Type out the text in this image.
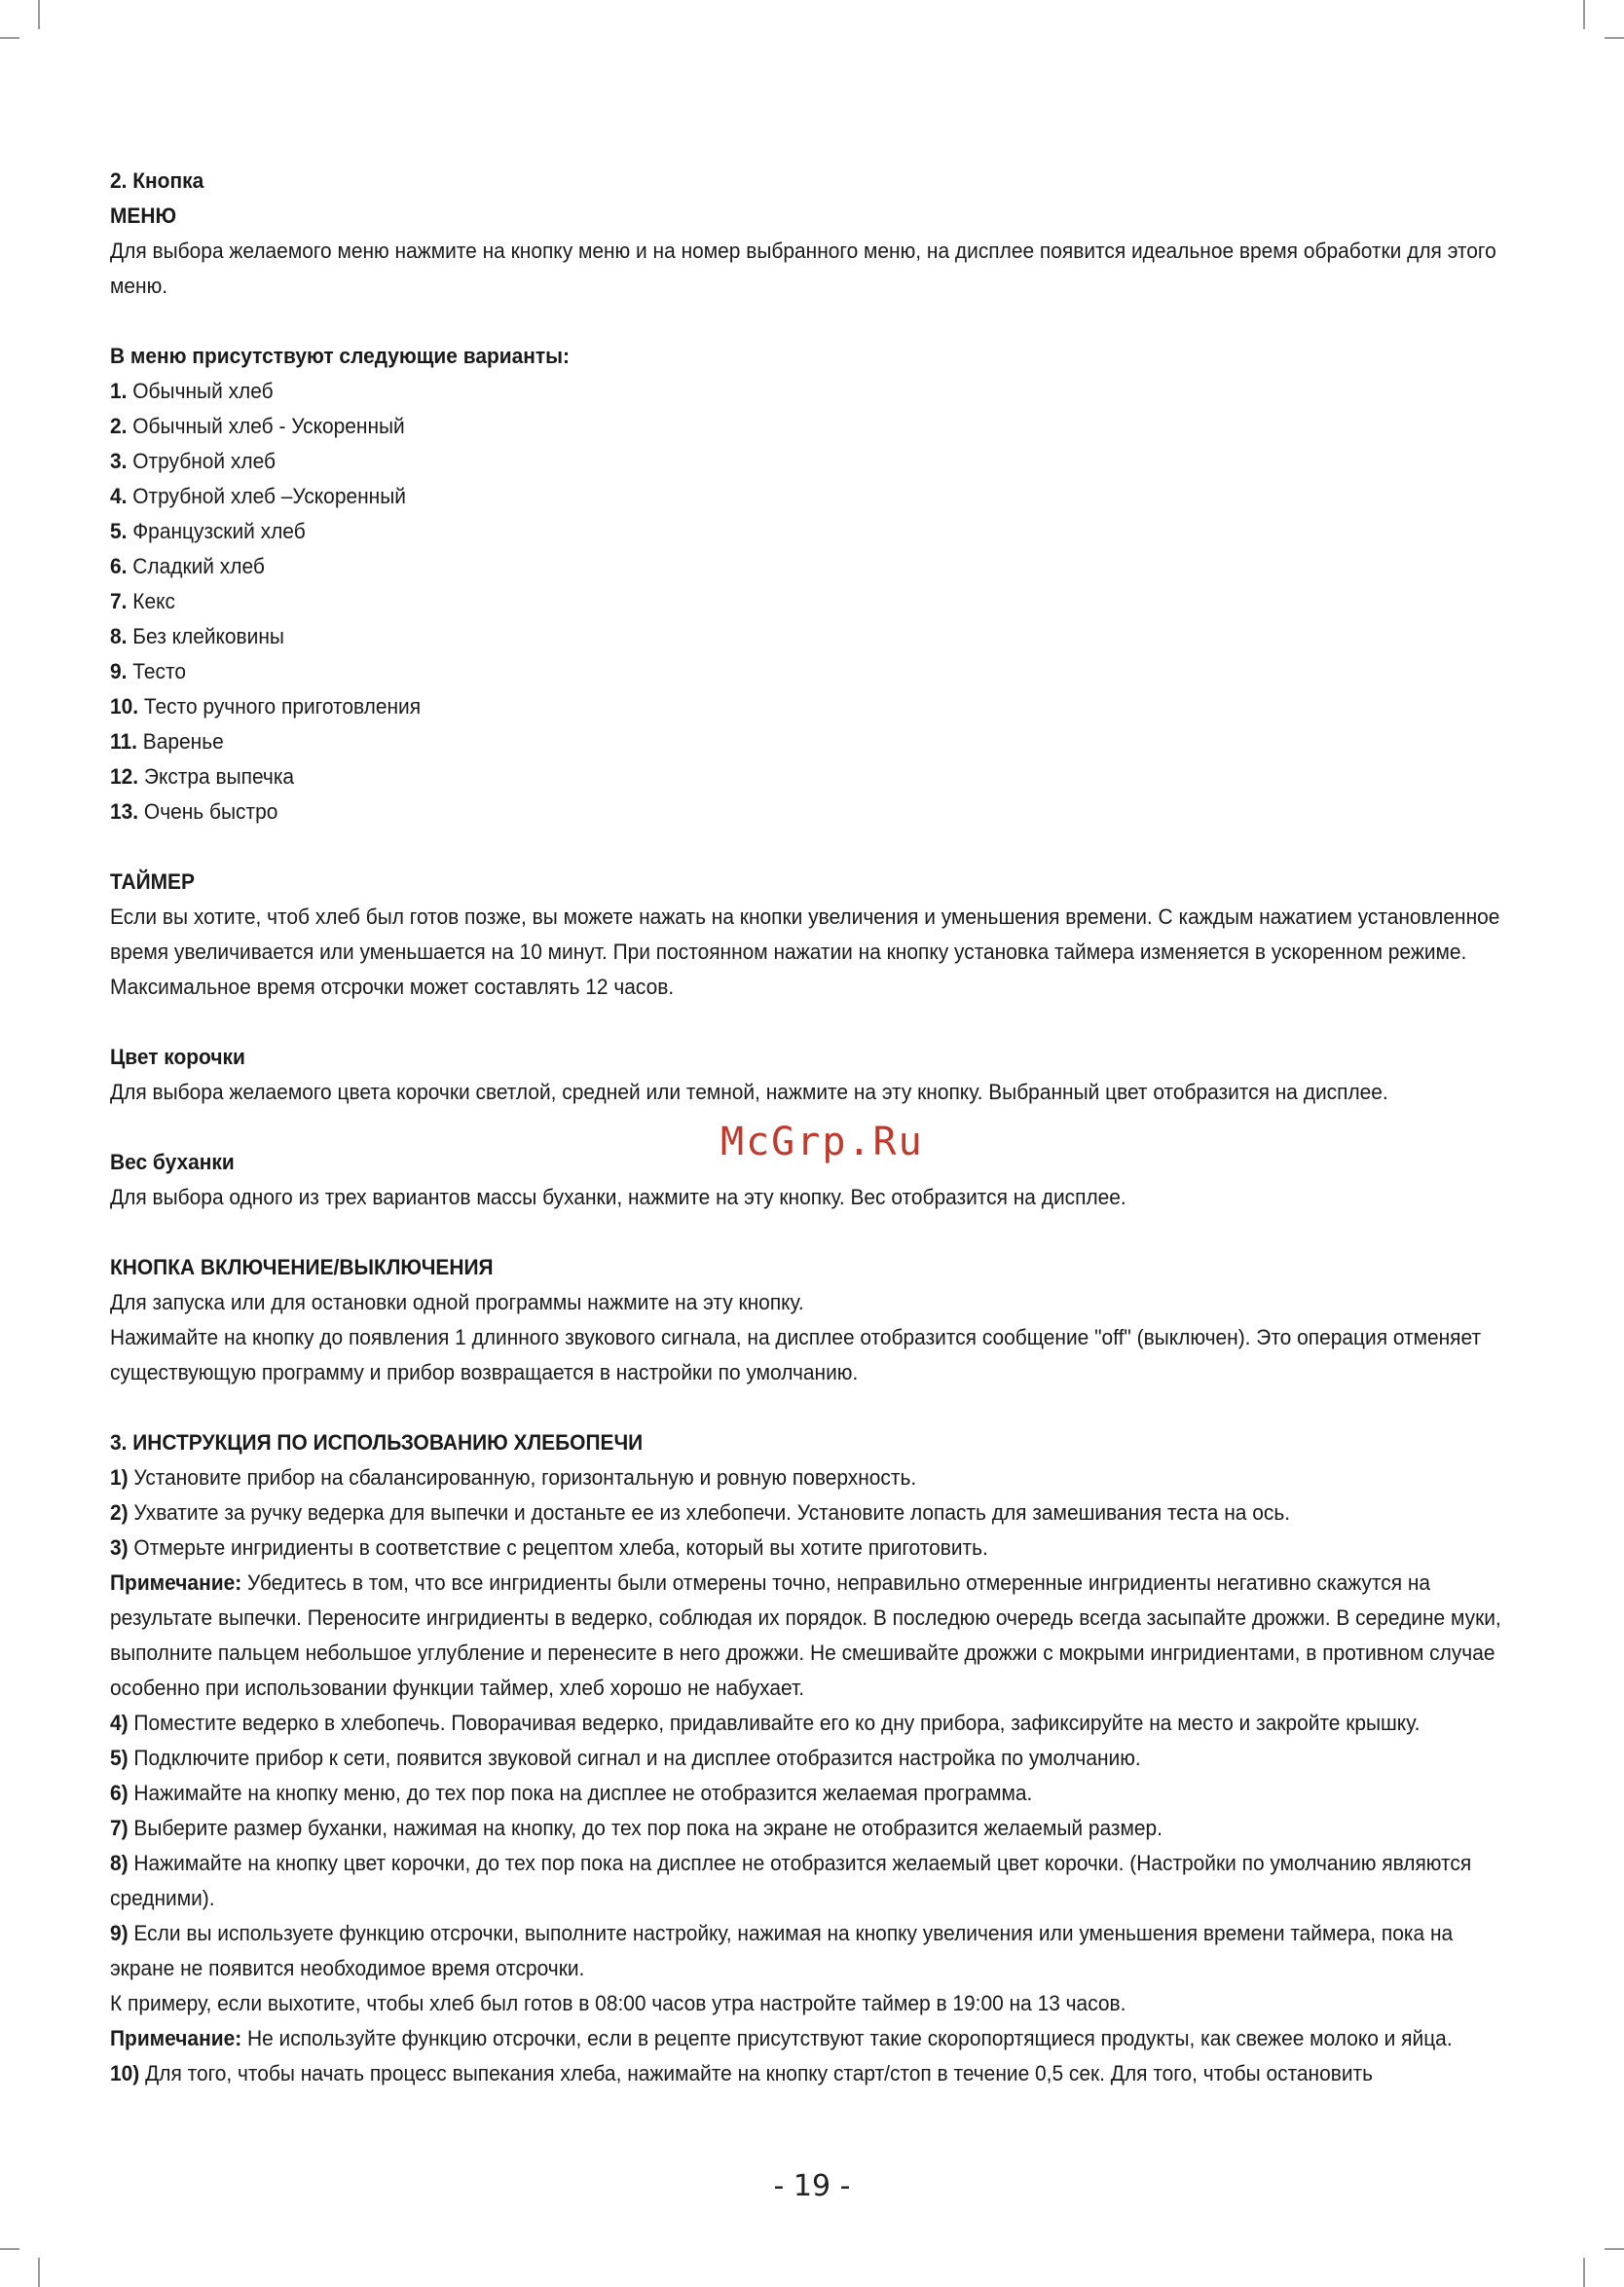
2. Кнопка

МЕНЮ

Для выбора желаемого меню нажмите на кнопку меню и на номер выбранного меню, на дисплее появится идеальное время обработки для этого меню.

В меню присутствуют следующие варианты:

1. Обычный хлеб
2. Обычный хлеб - Ускоренный
3. Отрубной хлеб
4. Отрубной хлеб –Ускоренный
5. Французский хлеб
6. Сладкий хлеб
7. Кекс
8. Без клейковины
9. Тесто
10. Тесто ручного приготовления
11. Варенье
12. Экстра выпечка
13. Очень быстро

ТАЙМЕР

Если вы хотите, чтоб хлеб был готов позже, вы можете нажать на кнопки увеличения и уменьшения времени. С каждым нажатием установленное время увеличивается или уменьшается на 10 минут. При постоянном нажатии на кнопку установка таймера изменяется в ускоренном режиме. Максимальное время отсрочки может составлять 12 часов.

Цвет корочки

Для выбора желаемого цвета корочки светлой, средней или темной, нажмите на эту кнопку. Выбранный цвет отобразится на дисплее.

Вес буханки

Для выбора одного из трех вариантов массы буханки, нажмите на эту кнопку. Вес отобразится на дисплее.

КНОПКА ВКЛЮЧЕНИЕ/ВЫКЛЮЧЕНИЯ

Для запуска или для остановки одной программы нажмите на эту кнопку.

Нажимайте на кнопку до появления 1 длинного звукового сигнала, на дисплее отобразится сообщение "off" (выключен). Это операция отменяет существующую программу и прибор возвращается в настройки по умолчанию.

3. ИНСТРУКЦИЯ ПО ИСПОЛЬЗОВАНИЮ ХЛЕБОПЕЧИ

1) Установите прибор на сбалансированную, горизонтальную и ровную поверхность.

2) Ухватите за ручку ведерка для выпечки и достаньте ее из хлебопечи. Установите лопасть для замешивания теста на ось.

3) Отмерьте ингридиенты в соответствие с рецептом хлеба, который вы хотите приготовить.

Примечание: Убедитесь в том, что все ингридиенты были отмерены точно, неправильно отмеренные ингридиенты негативно скажутся на результате выпечки. Переносите ингридиенты в ведерко, соблюдая их порядок. В последюю очередь всегда засыпайте дрожжи. В середине муки, выполните пальцем небольшое углубление и перенесите в него дрожжи. Не смешивайте дрожжи с мокрыми ингридиентами, в противном случае особенно при использовании функции таймер, хлеб хорошо не набухает.

4) Поместите ведерко в хлебопечь. Поворачивая ведерко, придавливайте его ко дну прибора, зафиксируйте на место и закройте крышку.

5) Подключите прибор к сети, появится звуковой сигнал и на дисплее отобразится настройка по умолчанию.

6) Нажимайте на кнопку меню, до тех пор пока на дисплее не отобразится желаемая программа.

7) Выберите размер буханки, нажимая на кнопку, до тех пор пока на экране не отобразится желаемый размер.

8) Нажимайте на кнопку цвет корочки, до тех пор пока на дисплее не отобразится желаемый цвет корочки. (Настройки по умолчанию являются средними).

9) Если вы используете функцию отсрочки, выполните настройку, нажимая на кнопку увеличения или уменьшения времени таймера, пока на экране не появится необходимое время отсрочки.

К примеру, если выхотите, чтобы хлеб был готов в 08:00 часов утра настройте таймер в 19:00 на 13 часов.

Примечание: Не используйте функцию отсрочки, если в рецепте присутствуют такие скоропортящиеся продукты, как свежее молоко и яйца.

10) Для того, чтобы начать процесс выпекания хлеба, нажимайте на кнопку старт/стоп в течение 0,5 сек. Для того, чтобы остановить

McGrp.Ru
- 19 -
